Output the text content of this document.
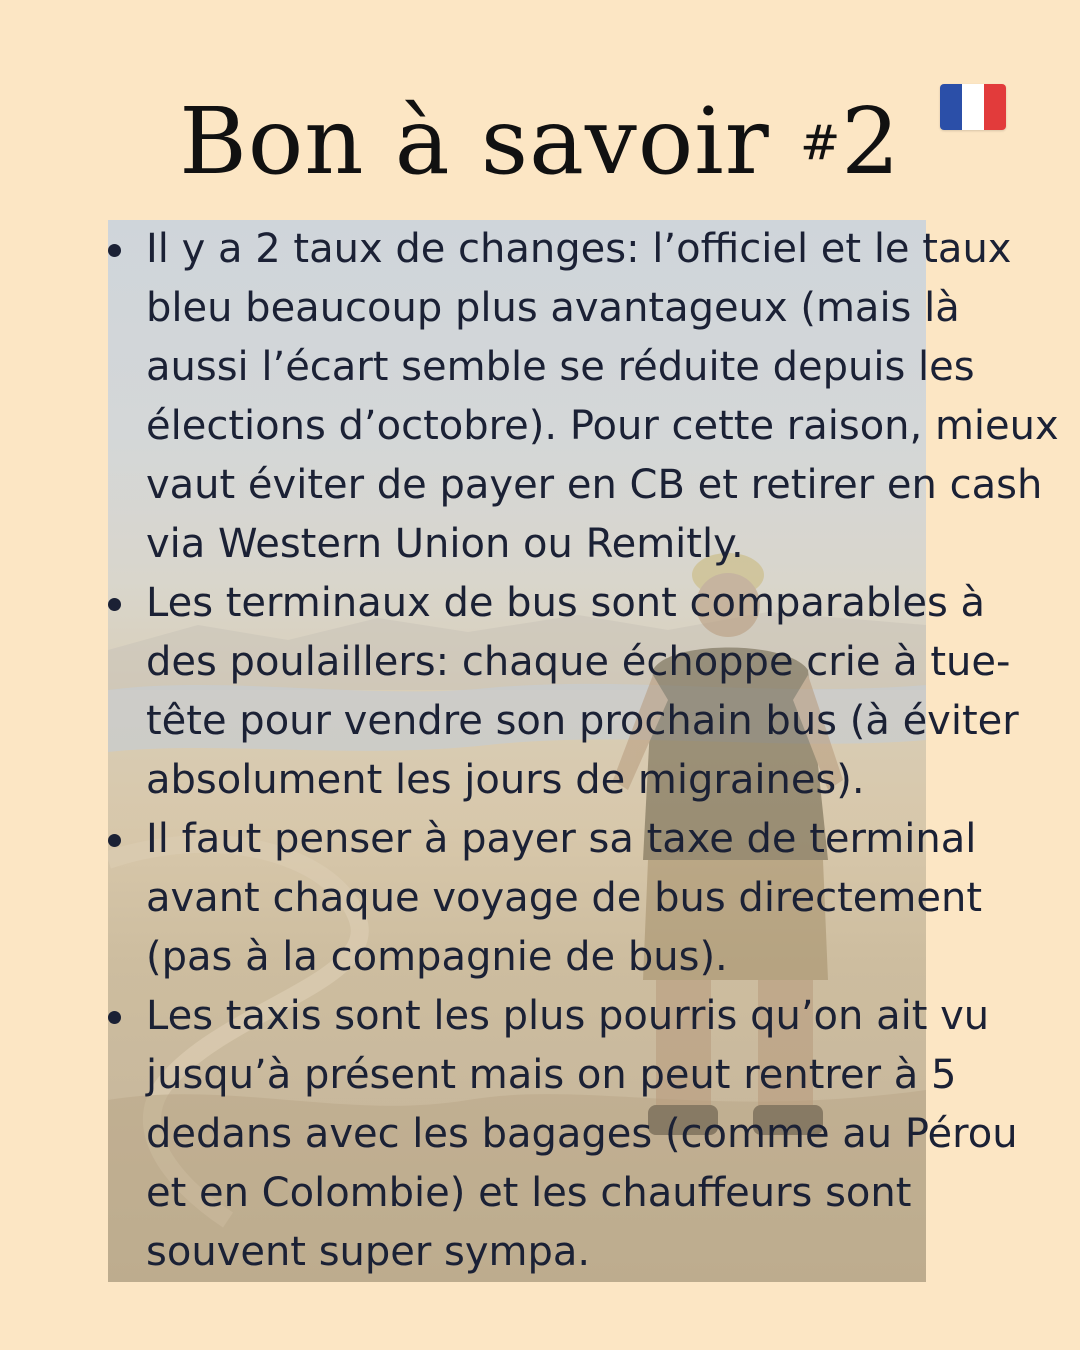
Bon à savoir #2
Il y a 2 taux de changes: l’officiel et le taux bleu beaucoup plus avantageux (mais là aussi l’écart semble se réduite depuis les élections d’octobre). Pour cette raison, mieux vaut éviter de payer en CB et retirer en cash via Western Union ou Remitly.
Les terminaux de bus sont comparables à des poulaillers: chaque échoppe crie à tue-tête pour vendre son prochain bus (à éviter absolument les jours de migraines).
Il faut penser à payer sa taxe de terminal avant chaque voyage de bus directement (pas à la compagnie de bus).
Les taxis sont les plus pourris qu’on ait vu jusqu’à présent mais on peut rentrer à 5 dedans avec les bagages (comme au Pérou et en Colombie) et les chauffeurs sont souvent super sympa.
